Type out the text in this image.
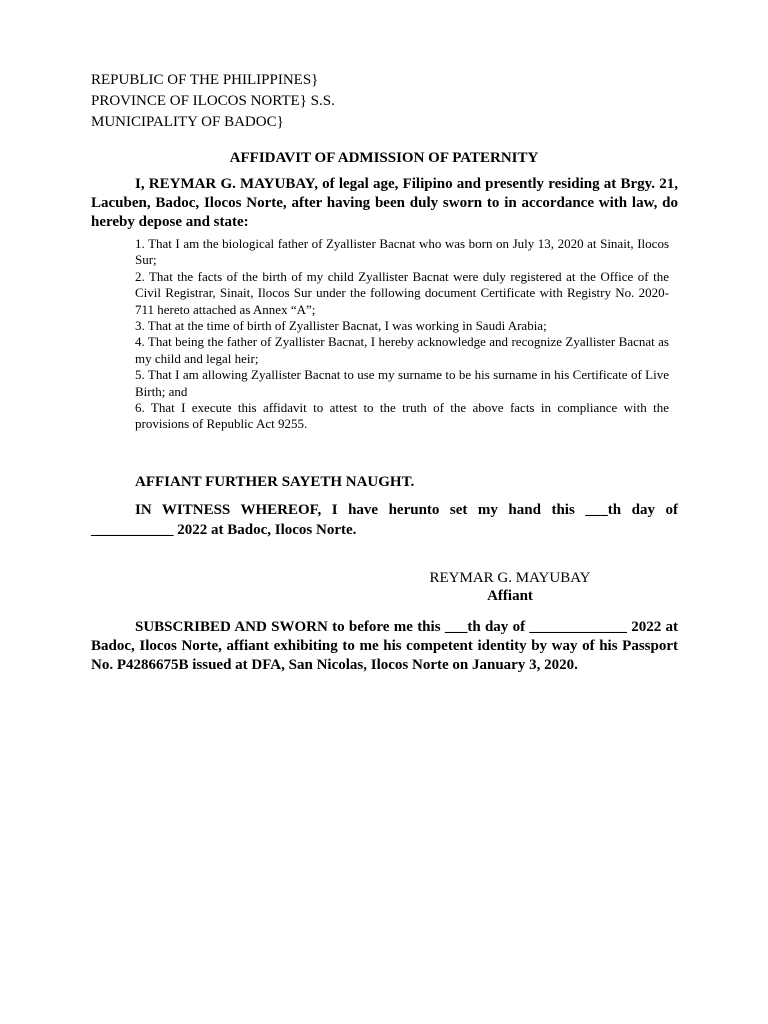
REPUBLIC OF THE PHILIPPINES}
PROVINCE OF ILOCOS NORTE} S.S.
MUNICIPALITY OF BADOC}
AFFIDAVIT OF ADMISSION OF PATERNITY
I, REYMAR G. MAYUBAY, of legal age, Filipino and presently residing at Brgy. 21, Lacuben, Badoc, Ilocos Norte, after having been duly sworn to in accordance with law, do hereby depose and state:

1. That I am the biological father of Zyallister Bacnat who was born on July 13, 2020 at Sinait, Ilocos Sur;

2. That the facts of the birth of my child Zyallister Bacnat were duly registered at the Office of the Civil Registrar, Sinait, Ilocos Sur under the following document Certificate with Registry No. 2020-711 hereto attached as Annex “A”;

3. That at the time of birth of Zyallister Bacnat, I was working in Saudi Arabia;

4. That being the father of Zyallister Bacnat, I hereby acknowledge and recognize Zyallister Bacnat as my child and legal heir;

5. That I am allowing Zyallister Bacnat to use my surname to be his surname in his Certificate of Live Birth; and

6. That I execute this affidavit to attest to the truth of the above facts in compliance with the provisions of Republic Act 9255.

AFFIANT FURTHER SAYETH NAUGHT.
IN WITNESS WHEREOF, I have herunto set my hand this ___th day of ___________ 2022 at Badoc, Ilocos Norte.
REYMAR G. MAYUBAY
Affiant
SUBSCRIBED AND SWORN to before me this ___th day of _____________ 2022 at Badoc, Ilocos Norte, affiant exhibiting to me his competent identity by way of his Passport No. P4286675B issued at DFA, San Nicolas, Ilocos Norte on January 3, 2020.
